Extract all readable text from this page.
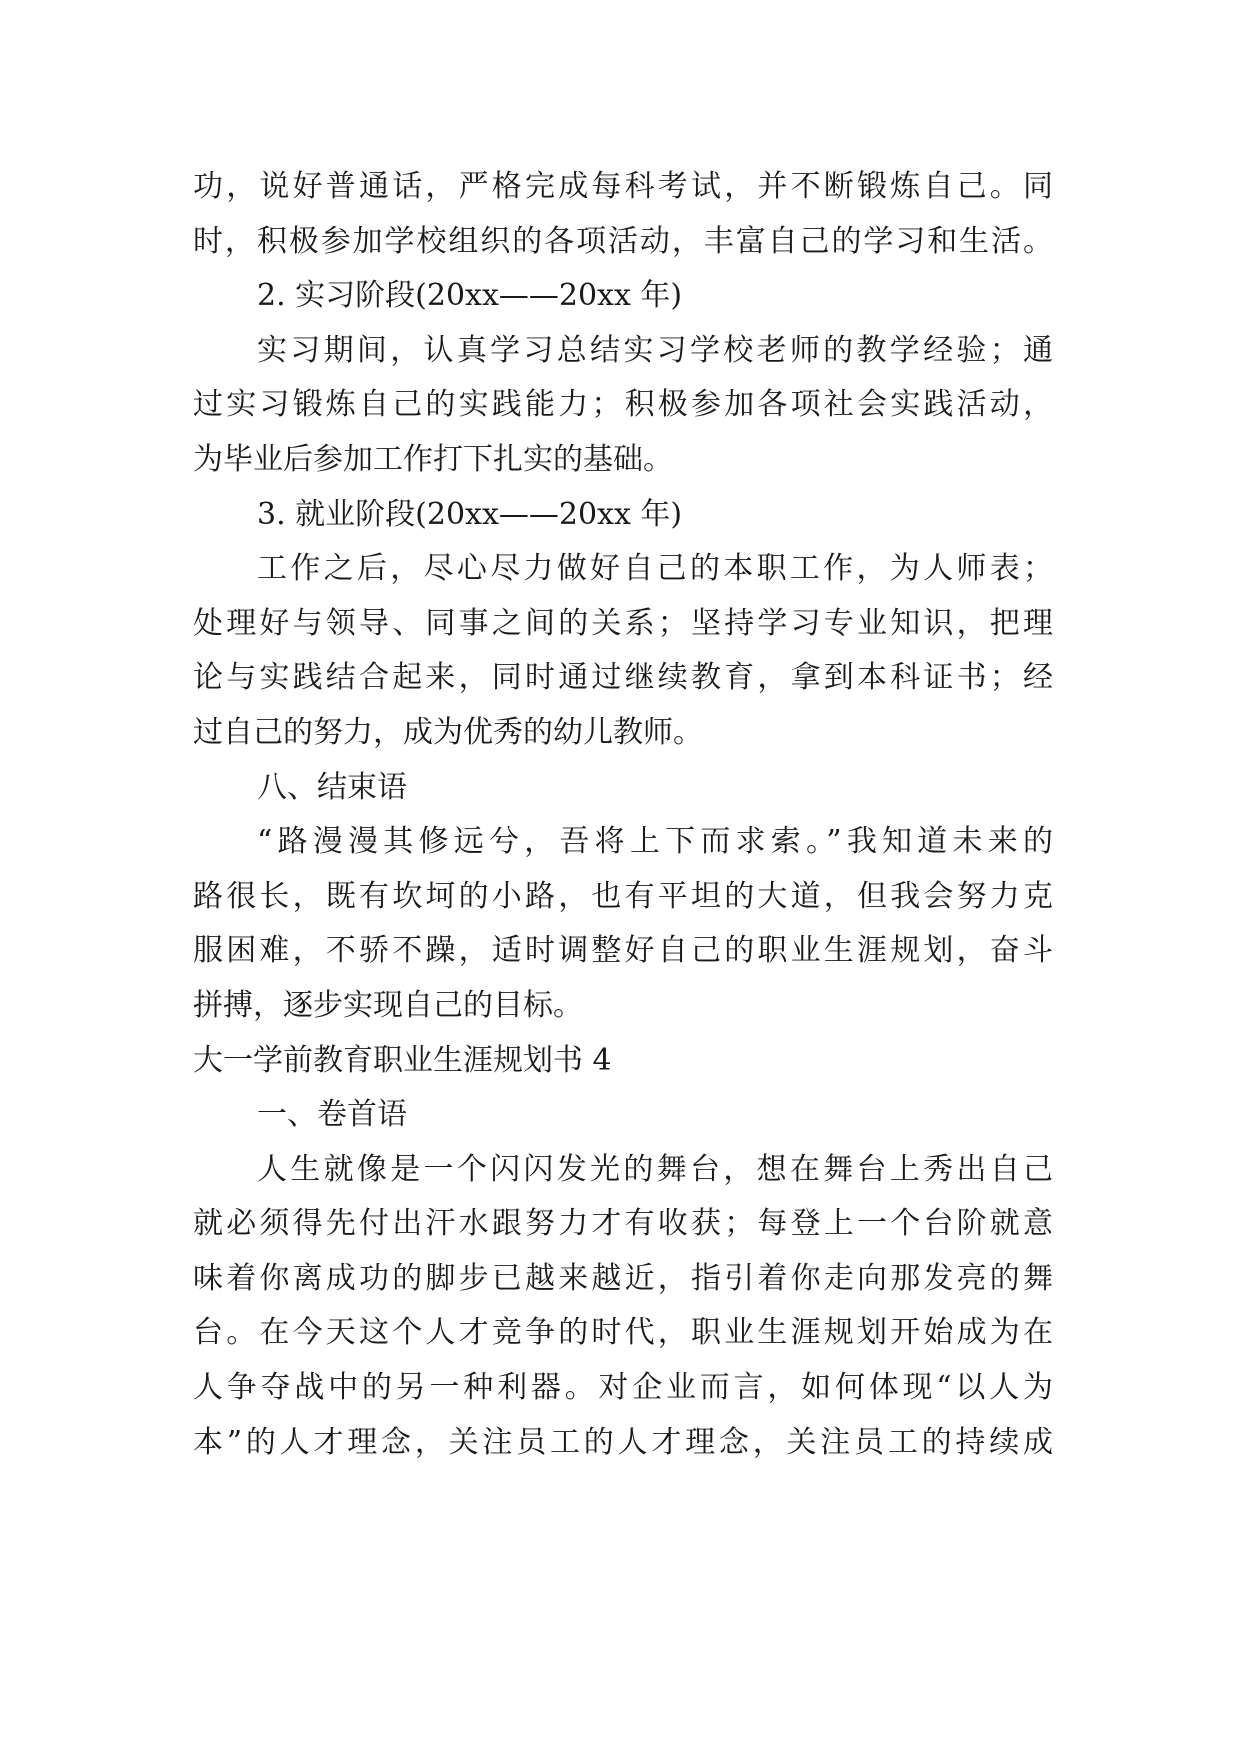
功，说好普通话，严格完成每科考试，并不断锻炼自己。同
时，积极参加学校组织的各项活动，丰富自己的学习和生活。
2. 实习阶段(20xx——20xx 年)
实习期间，认真学习总结实习学校老师的教学经验；通
过实习锻炼自己的实践能力；积极参加各项社会实践活动，
为毕业后参加工作打下扎实的基础。
3. 就业阶段(20xx——20xx 年)
工作之后，尽心尽力做好自己的本职工作，为人师表；
处理好与领导、同事之间的关系；坚持学习专业知识，把理
论与实践结合起来，同时通过继续教育，拿到本科证书；经
过自己的努力，成为优秀的幼儿教师。
八、结束语
“路漫漫其修远兮，吾将上下而求索。”我知道未来的
路很长，既有坎坷的小路，也有平坦的大道，但我会努力克
服困难，不骄不躁，适时调整好自己的职业生涯规划，奋斗
拼搏，逐步实现自己的目标。
大一学前教育职业生涯规划书 4
一、卷首语
人生就像是一个闪闪发光的舞台，想在舞台上秀出自己
就必须得先付出汗水跟努力才有收获；每登上一个台阶就意
味着你离成功的脚步已越来越近，指引着你走向那发亮的舞
台。在今天这个人才竞争的时代，职业生涯规划开始成为在
人争夺战中的另一种利器。对企业而言，如何体现“以人为
本”的人才理念，关注员工的人才理念，关注员工的持续成
